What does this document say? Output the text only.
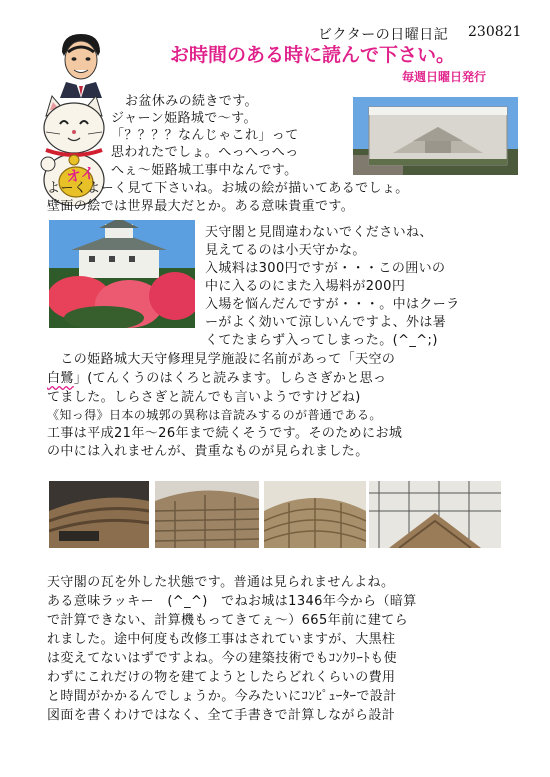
ビクターの日曜日記 230821
お時間のある時に読んで下さい。
毎週日曜日発行
オイ
お盆休みの続きです。
ジャーン姫路城で～す。
「？？？？なんじゃこれ」って
思われたでしょ。へっへっへっ
へぇ～姫路城工事中なんです。
よーくよーく見て下さいね。お城の絵が描いてあるでしょ。
壁面の絵では世界最大だとか。ある意味貴重です。
天守閣と見間違わないでくださいね、
見えてるのは小天守かな。
入城料は300円ですが・・・この囲いの
中に入るのにまた入場料が200円
入場を悩んだんですが・・・。中はクーラ
ーがよく効いて涼しいんですよ、外は暑
くてたまらず入ってしまった。(^_^;)
　この姫路城大天守修理見学施設に名前があって「天空の
白鷺」(てんくうのはくろと読みます。しらさぎかと思っ
てました。しらさぎと読んでも言いようですけどね)
《知っ得》日本の城郭の異称は音読みするのが普通である。
工事は平成21年～26年まで続くそうです。そのためにお城
の中には入れませんが、貴重なものが見られました。
天守閣の瓦を外した状態です。普通は見られませんよね。
ある意味ラッキー　(^_^)　でねお城は1346年今から（暗算
で計算できない、計算機もってきてぇ～）665年前に建てら
れました。途中何度も改修工事はされていますが、大黒柱
は変えてないはずですよね。今の建築技術でもｺﾝｸﾘｰﾄも使
わずにこれだけの物を建てようとしたらどれくらいの費用
と時間がかかるんでしょうか。今みたいにｺﾝﾋﾟｭｰﾀｰで設計
図面を書くわけではなく、全て手書きで計算しながら設計
